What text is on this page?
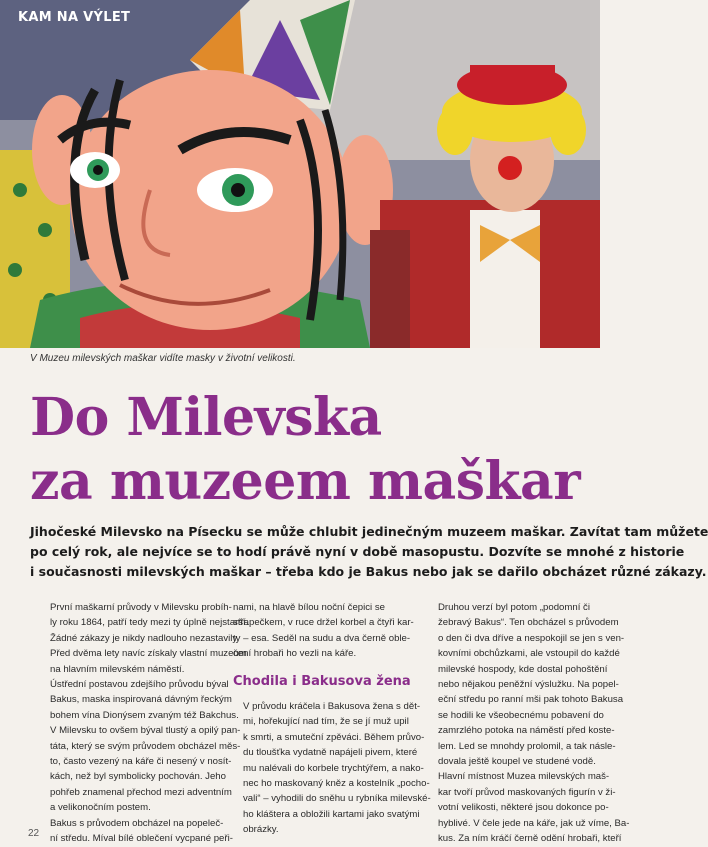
KAM NA VÝLET
V Muzeu milevských maškar vidíte masky v životní velikosti.
Do Milevska
za muzeem maškar
Jihočeské Milevsko na Písecku se může chlubit jedinečným muzeem maškar. Zavítat tam můžete
po celý rok, ale nejvíce se to hodí právě nyní v době masopustu. Dozvíte se mnohé z historie
i současnosti milevských maškar – třeba kdo je Bakus nebo jak se dařilo obcházet různé zákazy.

První maškarní průvody v Milevsku probíh-
ly roku 1864, patří tedy mezi ty úplně nejstarší.
Žádné zákazy je nikdy nadlouho nezastavily.
Před dvěma lety navíc získaly vlastní muzeum
na hlavním milevském náměstí.

Ústřední postavou zdejšího průvodu býval
Bakus, maska inspirovaná dávným řeckým
bohem vína Dionýsem zvaným též Bakchus.
V Milevsku to ovšem býval tlustý a opilý pan-
táta, který se svým průvodem obcházel měs-
to, často vezený na káře či nesený v nosít-
kách, než byl symbolicky pochován. Jeho
pohřeb znamenal přechod mezi adventním
a velikonočním postem.

Bakus s průvodem obcházel na popeleč-
ní středu. Míval bílé oblečení vycpané peři-

nami, na hlavě bílou noční čepici se
střapečkem, v ruce držel korbel a čtyři kar-
ty – esa. Seděl na sudu a dva černě oble-
čení hrobaři ho vezli na káře.

Chodila i Bakusova žena

V průvodu kráčela i Bakusova žena s dět-
mi, hořekující nad tím, že se jí muž upil
k smrti, a smuteční zpěváci. Během průvo-
du tloušťka vydatně napájeli pivem, které
mu nalévali do korbele trychtýřem, a nako-
nec ho maskovaný kněz a kostelník „pocho-
vali“ – vyhodili do sněhu u rybníka milevské-
ho kláštera a obložili kartami jako svatými
obrázky.

Druhou verzí byl potom „podomní či
žebravý Bakus“. Ten obcházel s průvodem
o den či dva dříve a nespokojil se jen s ven-
kovními obchůzkami, ale vstoupil do každé
milevské hospody, kde dostal pohoštění
nebo nějakou peněžní výslužku. Na popel-
eční středu po ranní mši pak tohoto Bakusa
se hodili ke všeobecnému pobavení do
zamrzlého potoka na náměstí před koste-
lem. Led se mnohdy prolomil, a tak násle-
dovala ještě koupel ve studené vodě.

Hlavní místnost Muzea milevských maš-
kar tvoří průvod maskovaných figurín v ži-
votní velikosti, některé jsou dokonce po-
hyblivé. V čele jede na káře, jak už víme, Ba-
kus. Za ním kráčí černě odění hrobaři, kteří

22
